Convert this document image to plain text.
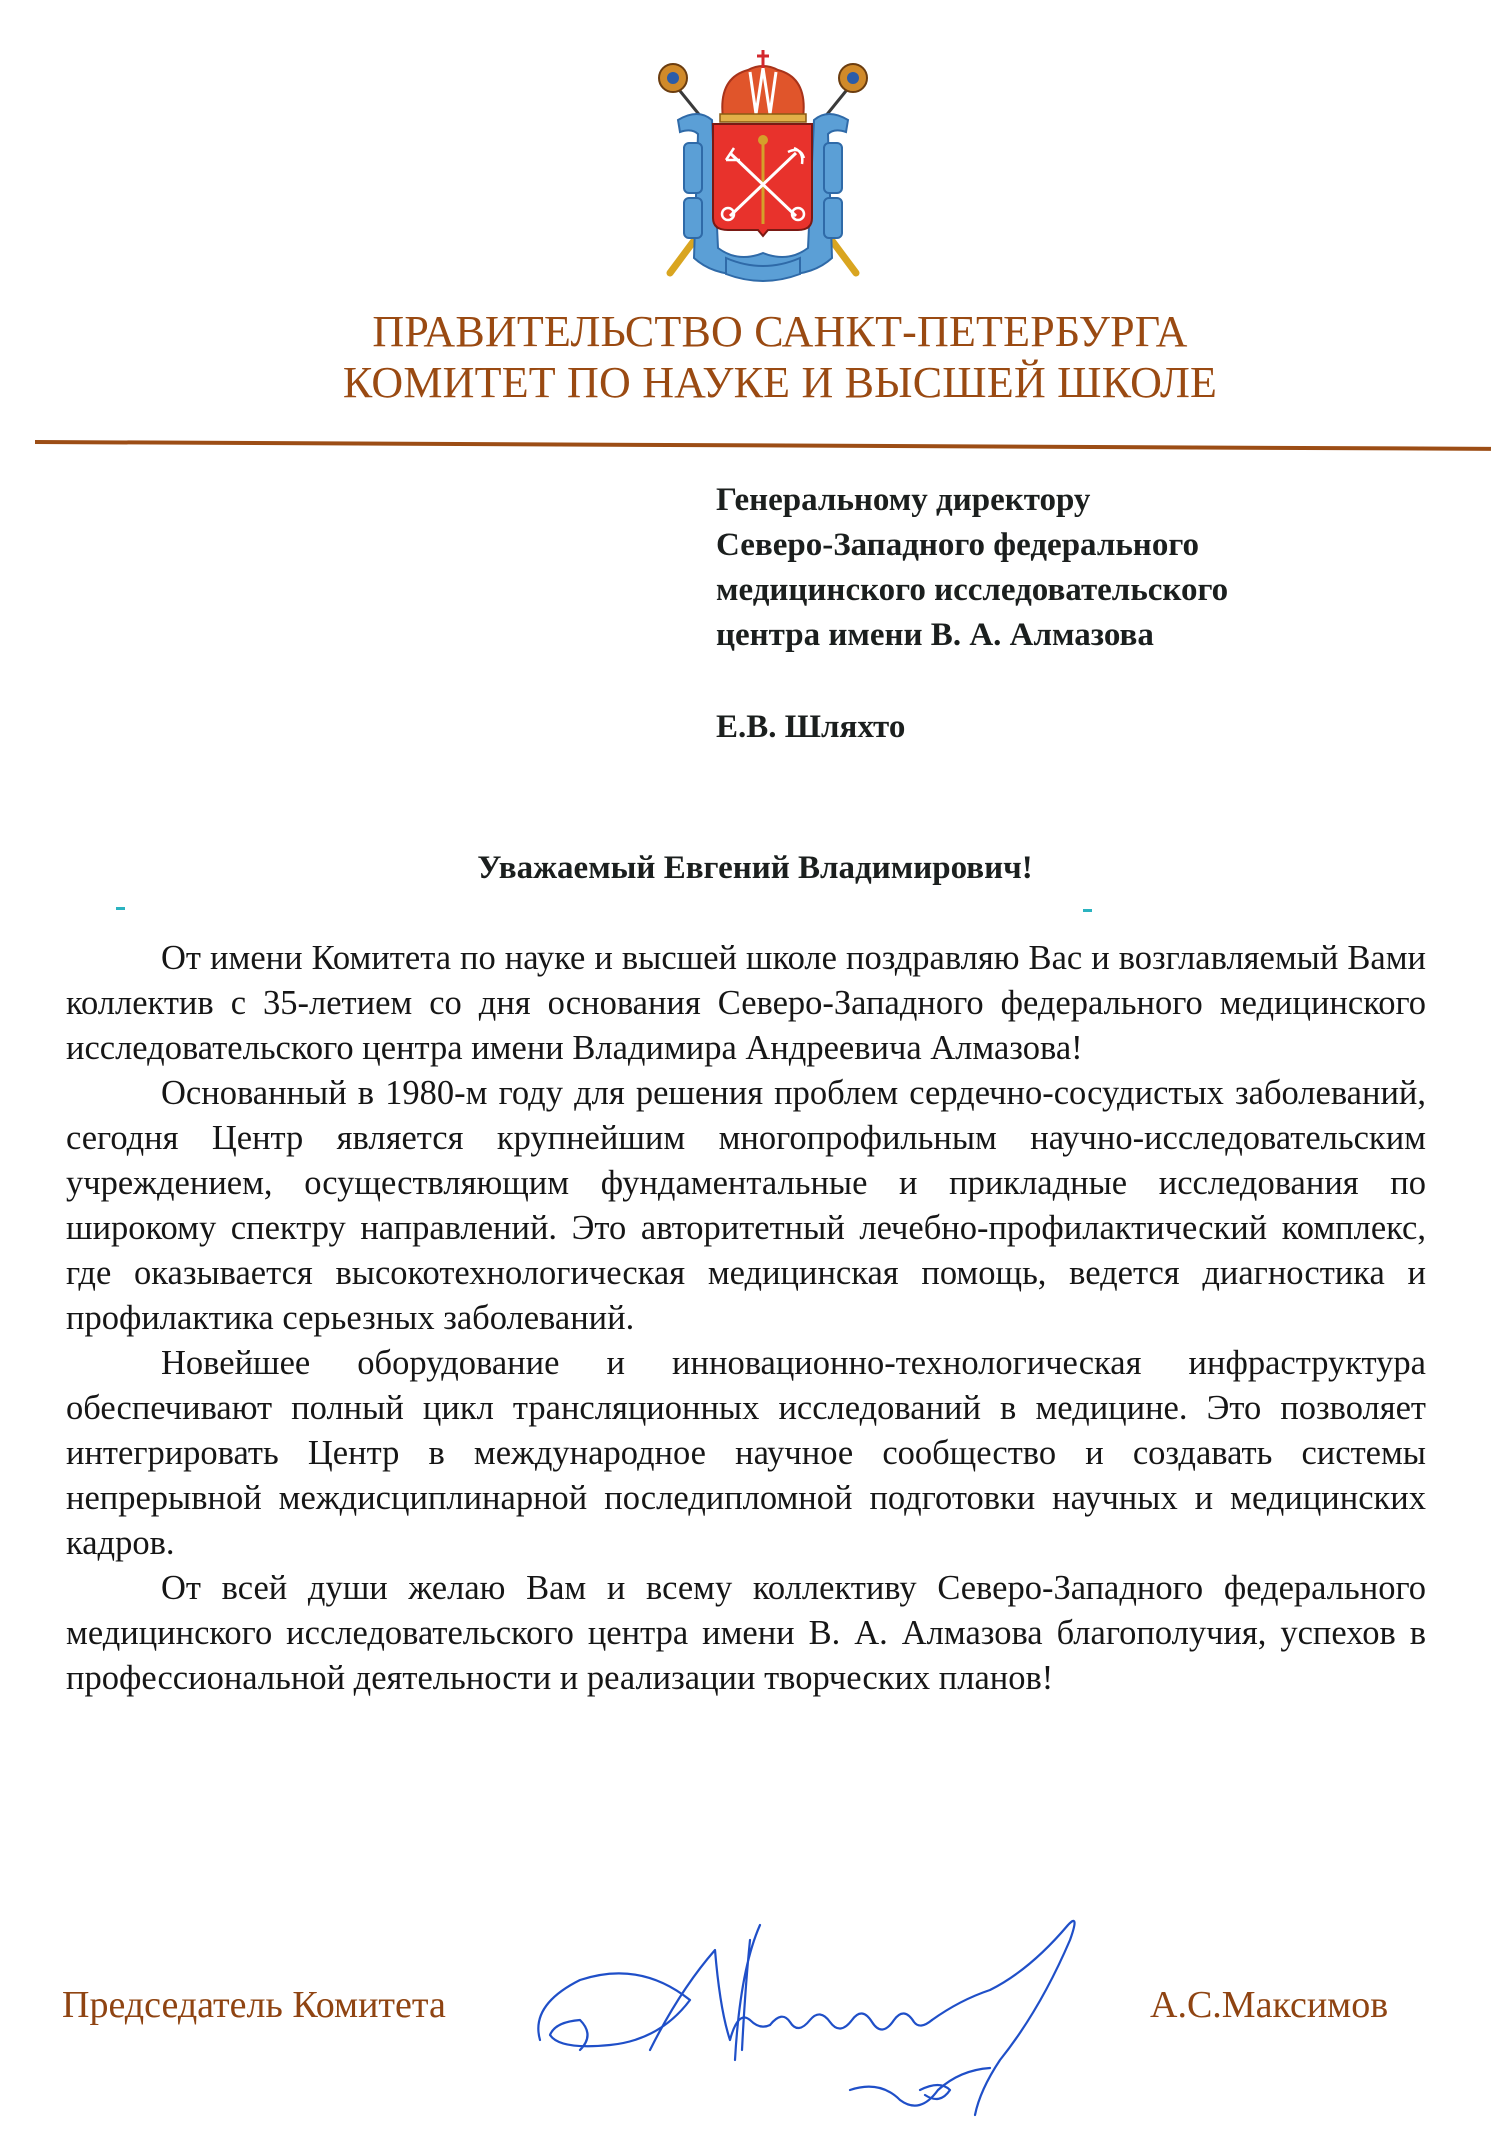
ПРАВИТЕЛЬСТВО САНКТ-ПЕТЕРБУРГА
КОМИТЕТ ПО НАУКЕ И ВЫСШЕЙ ШКОЛЕ
Генеральному директору
Северо-Западного федерального
медицинского исследовательского
центра имени В. А. Алмазова
Е.В. Шляхто
Уважаемый Евгений Владимирович!

От имени Комитета по науке и высшей школе поздравляю Вас и возглавляемый Вами коллектив с 35-летием со дня основания Северо-Западного федерального медицинского исследовательского центра имени Владимира Андреевича Алмазова!

Основанный в 1980-м году для решения проблем сердечно-сосудистых заболеваний, сегодня Центр является крупнейшим многопрофильным научно-исследовательским учреждением, осуществляющим фундаментальные и прикладные исследования по широкому спектру направлений. Это авторитетный лечебно-профилактический комплекс, где оказывается высокотехнологическая медицинская помощь, ведется диагностика и профилактика серьезных заболеваний.

Новейшее оборудование и инновационно-технологическая инфраструктура обеспечивают полный цикл трансляционных исследований в медицине. Это позволяет интегрировать Центр в международное научное сообщество и создавать системы непрерывной междисциплинарной последипломной подготовки научных и медицинских кадров.

От всей души желаю Вам и всему коллективу Северо-Западного федерального медицинского исследовательского центра имени В. А. Алмазова благополучия, успехов в профессиональной деятельности и реализации творческих планов!

Председатель Комитета	А.С.Максимов
